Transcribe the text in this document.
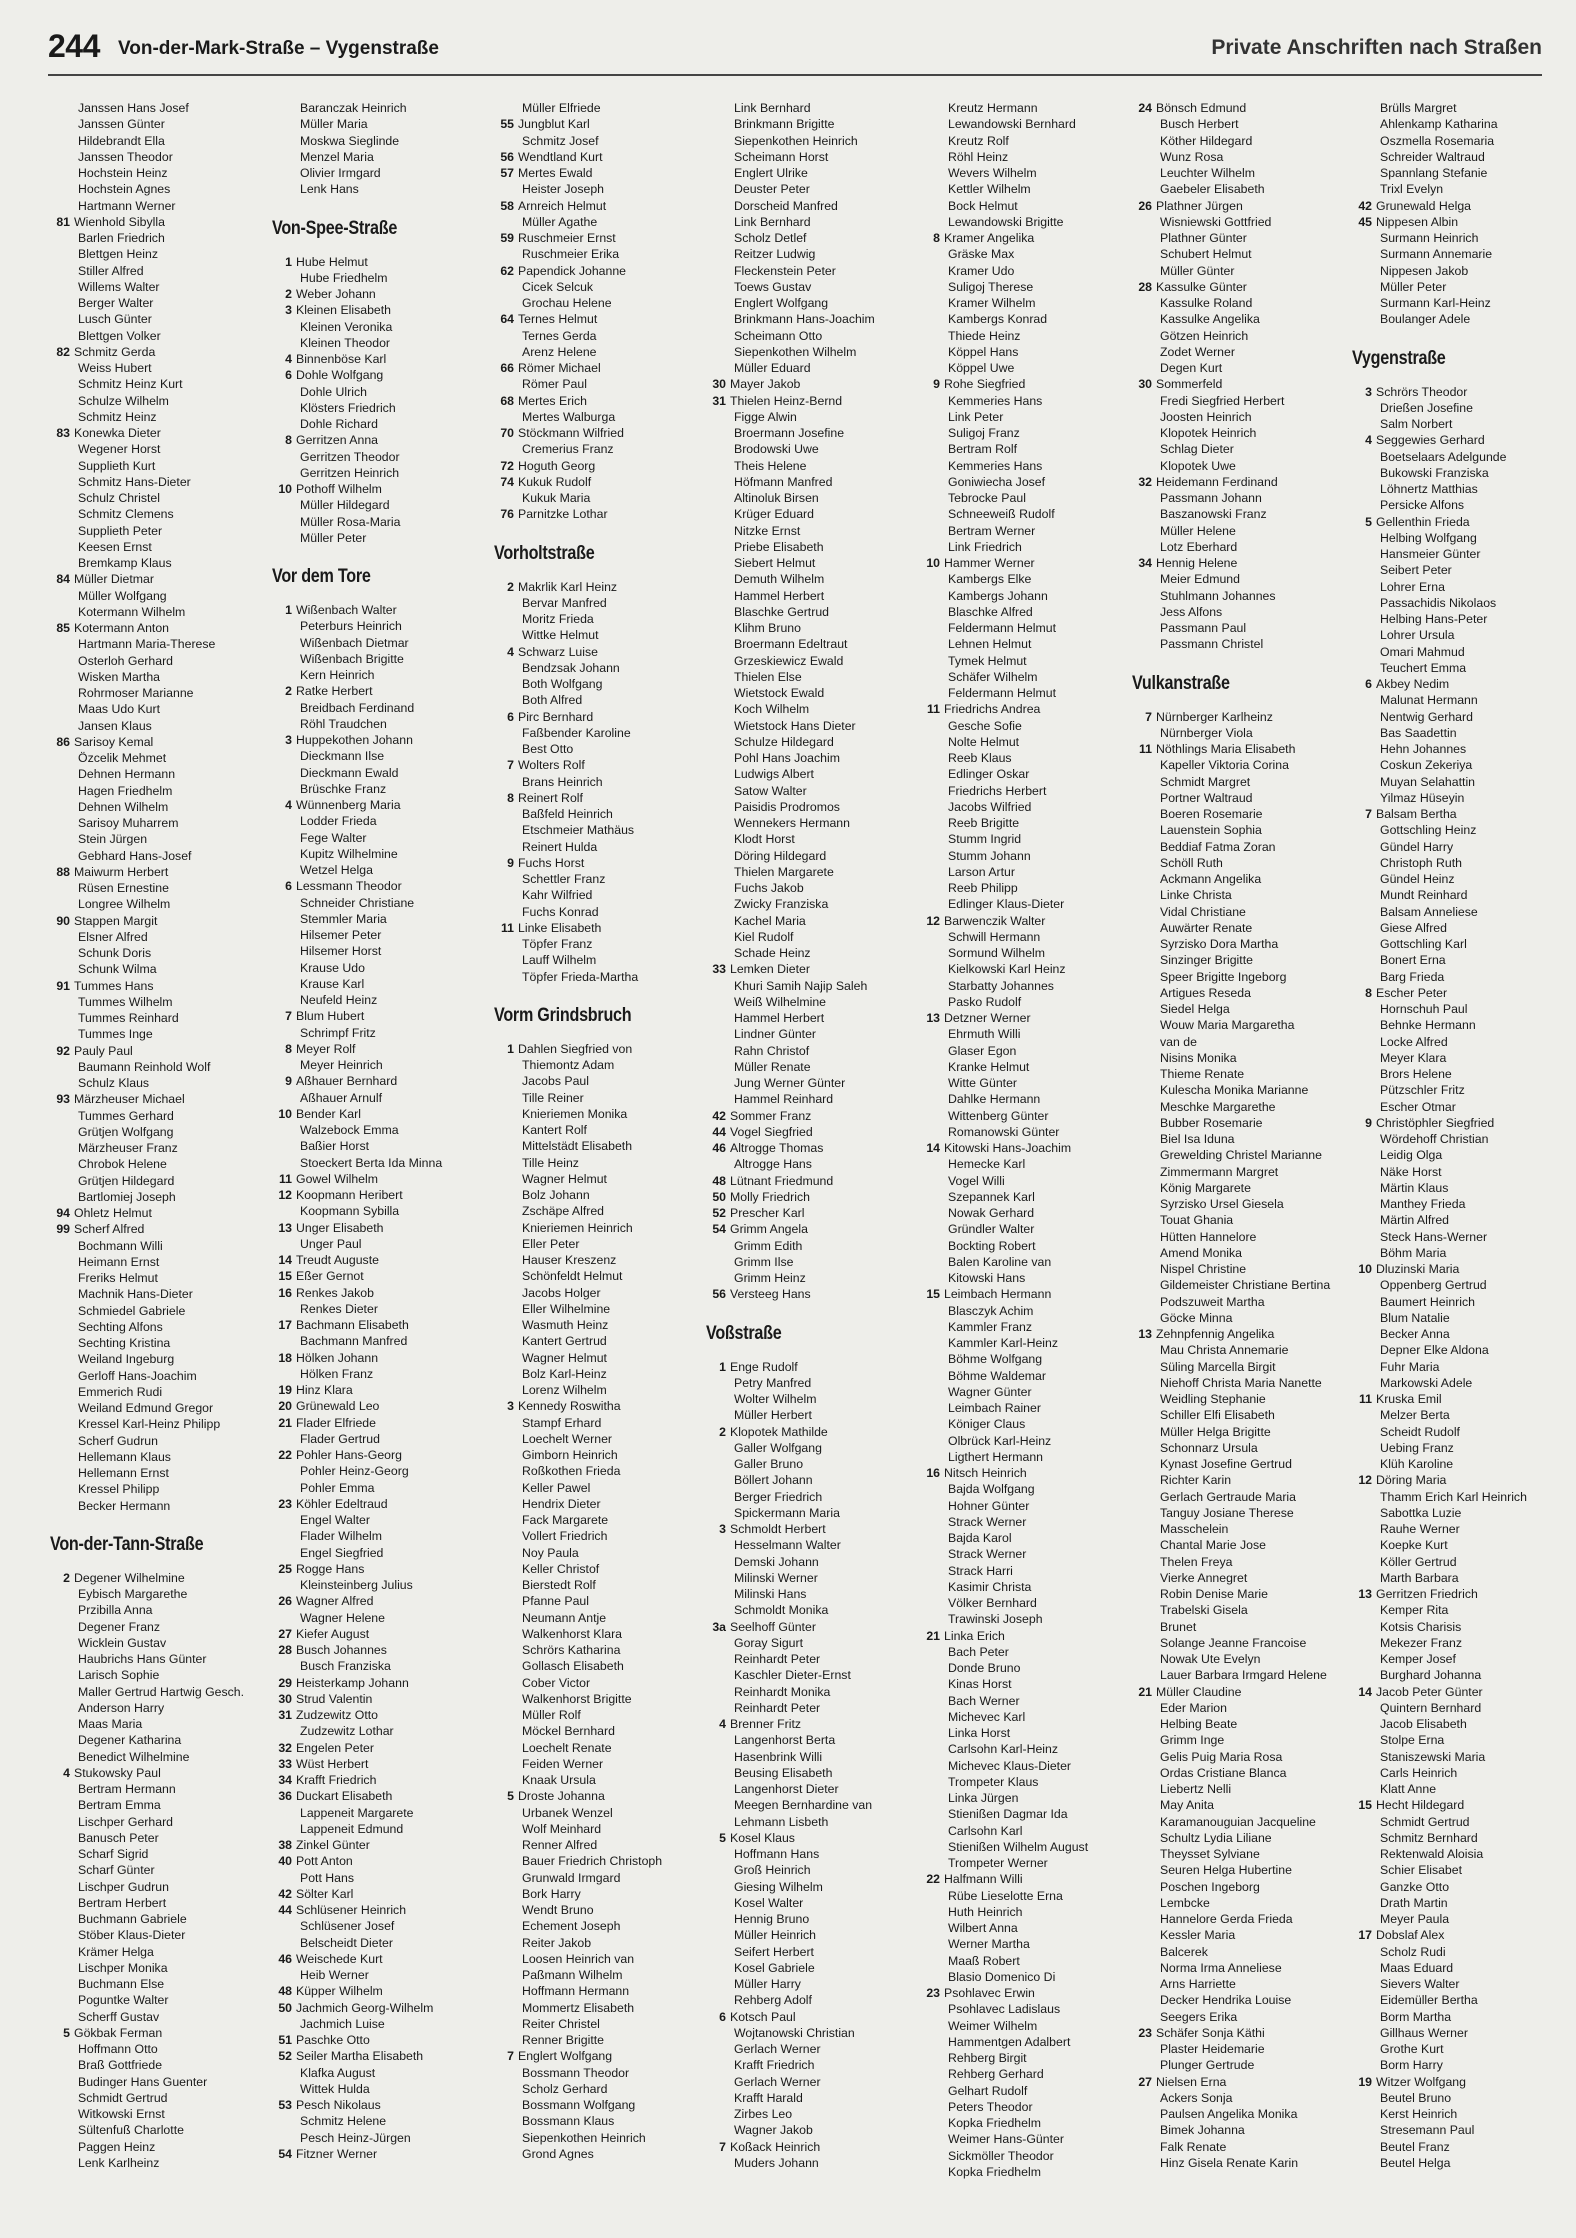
244 Von-der-Mark-Straße – Vygenstraße	Private Anschriften nach Straßen
Janssen Hans Josef
Janssen Günter
Hildebrandt Ella
Janssen Theodor
Hochstein Heinz
Hochstein Agnes
Hartmann Werner
81 Wienhold Sibylla
Barlen Friedrich
Blettgen Heinz
Stiller Alfred
Willems Walter
Berger Walter
Lusch Günter
Blettgen Volker
82 Schmitz Gerda
Weiss Hubert
Schmitz Heinz Kurt
Schulze Wilhelm
Schmitz Heinz
83 Konewka Dieter
Wegener Horst
Supplieth Kurt
Schmitz Hans-Dieter
Schulz Christel
Schmitz Clemens
Supplieth Peter
Keesen Ernst
Bremkamp Klaus
84 Müller Dietmar
Müller Wolfgang
Kotermann Wilhelm
85 Kotermann Anton
Hartmann Maria-Therese
Osterloh Gerhard
Wisken Martha
Rohrmoser Marianne
Maas Udo Kurt
Jansen Klaus
86 Sarisoy Kemal
Özcelik Mehmet
Dehnen Hermann
Hagen Friedhelm
Dehnen Wilhelm
Sarisoy Muharrem
Stein Jürgen
Gebhard Hans-Josef
88 Maiwurm Herbert
Rüsen Ernestine
Longree Wilhelm
90 Stappen Margit
Elsner Alfred
Schunk Doris
Schunk Wilma
91 Tummes Hans
Tummes Wilhelm
Tummes Reinhard
Tummes Inge
92 Pauly Paul
Baumann Reinhold Wolf
Schulz Klaus
93 Märzheuser Michael
Tummes Gerhard
Grütjen Wolfgang
Märzheuser Franz
Chrobok Helene
Grütjen Hildegard
Bartlomiej Joseph
94 Ohletz Helmut
99 Scherf Alfred
Bochmann Willi
Heimann Ernst
Freriks Helmut
Machnik Hans-Dieter
Schmiedel Gabriele
Sechting Alfons
Sechting Kristina
Weiland Ingeburg
Gerloff Hans-Joachim
Emmerich Rudi
Weiland Edmund Gregor
Kressel Karl-Heinz Philipp
Scherf Gudrun
Hellemann Klaus
Hellemann Ernst
Kressel Philipp
Becker Hermann
Von-der-Tann-Straße
2 Degener Wilhelmine
Eybisch Margarethe
Przibilla Anna
Degener Franz
Wicklein Gustav
Haubrichs Hans Günter
Larisch Sophie
Maller Gertrud Hartwig Gesch.
Anderson Harry
Maas Maria
Degener Katharina
Benedict Wilhelmine
4 Stukowsky Paul
Bertram Hermann
Bertram Emma
Lischper Gerhard
Banusch Peter
Scharf Sigrid
Scharf Günter
Lischper Gudrun
Bertram Herbert
Buchmann Gabriele
Stöber Klaus-Dieter
Krämer Helga
Lischper Monika
Buchmann Else
Poguntke Walter
Scherff Gustav
5 Gökbak Ferman
Hoffmann Otto
Braß Gottfriede
Budinger Hans Guenter
Schmidt Gertrud
Witkowski Ernst
Sültenfuß Charlotte
Paggen Heinz
Lenk Karlheinz
Baranczak Heinrich
Müller Maria
Moskwa Sieglinde
Menzel Maria
Olivier Irmgard
Lenk Hans
Von-Spee-Straße
1 Hube Helmut
Hube Friedhelm
2 Weber Johann
3 Kleinen Elisabeth
Kleinen Veronika
Kleinen Theodor
4 Binnenböse Karl
6 Dohle Wolfgang
Dohle Ulrich
Klösters Friedrich
Dohle Richard
8 Gerritzen Anna
Gerritzen Theodor
Gerritzen Heinrich
10 Pothoff Wilhelm
Müller Hildegard
Müller Rosa-Maria
Müller Peter
Vor dem Tore
1 Wißenbach Walter
Peterburs Heinrich
Wißenbach Dietmar
Wißenbach Brigitte
Kern Heinrich
2 Ratke Herbert
Breidbach Ferdinand
Röhl Traudchen
3 Huppekothen Johann
Dieckmann Ilse
Dieckmann Ewald
Brüschke Franz
4 Wünnenberg Maria
Lodder Frieda
Fege Walter
Kupitz Wilhelmine
Wetzel Helga
6 Lessmann Theodor
Schneider Christiane
Stemmler Maria
Hilsemer Peter
Hilsemer Horst
Krause Udo
Krause Karl
Neufeld Heinz
7 Blum Hubert
Schrimpf Fritz
8 Meyer Rolf
Meyer Heinrich
9 Aßhauer Bernhard
Aßhauer Arnulf
10 Bender Karl
Walzebock Emma
Baßier Horst
Stoeckert Berta Ida Minna
11 Gowel Wilhelm
12 Koopmann Heribert
Koopmann Sybilla
13 Unger Elisabeth
Unger Paul
14 Treudt Auguste
15 Eßer Gernot
16 Renkes Jakob
Renkes Dieter
17 Bachmann Elisabeth
Bachmann Manfred
18 Hölken Johann
Hölken Franz
19 Hinz Klara
20 Grünewald Leo
21 Flader Elfriede
Flader Gertrud
22 Pohler Hans-Georg
Pohler Heinz-Georg
Pohler Emma
23 Köhler Edeltraud
Engel Walter
Flader Wilhelm
Engel Siegfried
25 Rogge Hans
Kleinsteinberg Julius
26 Wagner Alfred
Wagner Helene
27 Kiefer August
28 Busch Johannes
Busch Franziska
29 Heisterkamp Johann
30 Strud Valentin
31 Zudzewitz Otto
Zudzewitz Lothar
32 Engelen Peter
33 Wüst Herbert
34 Krafft Friedrich
36 Duckart Elisabeth
Lappeneit Margarete
Lappeneit Edmund
38 Zinkel Günter
40 Pott Anton
Pott Hans
42 Sölter Karl
44 Schlüsener Heinrich
Schlüsener Josef
Belscheidt Dieter
46 Weischede Kurt
Heib Werner
48 Küpper Wilhelm
50 Jachmich Georg-Wilhelm
Jachmich Luise
51 Paschke Otto
52 Seiler Martha Elisabeth
Klafka August
Wittek Hulda
53 Pesch Nikolaus
Schmitz Helene
Pesch Heinz-Jürgen
54 Fitzner Werner
Müller Elfriede
55 Jungblut Karl
Schmitz Josef
56 Wendtland Kurt
57 Mertes Ewald
Heister Joseph
58 Arnreich Helmut
Müller Agathe
59 Ruschmeier Ernst
Ruschmeier Erika
62 Papendick Johanne
Cicek Selcuk
Grochau Helene
64 Ternes Helmut
Ternes Gerda
Arenz Helene
66 Römer Michael
Römer Paul
68 Mertes Erich
Mertes Walburga
70 Stöckmann Wilfried
Cremerius Franz
72 Hoguth Georg
74 Kukuk Rudolf
Kukuk Maria
76 Parnitzke Lothar
Vorholtstraße
2 Makrlik Karl Heinz
Bervar Manfred
Moritz Frieda
Wittke Helmut
4 Schwarz Luise
Bendzsak Johann
Both Wolfgang
Both Alfred
6 Pirc Bernhard
Faßbender Karoline
Best Otto
7 Wolters Rolf
Brans Heinrich
8 Reinert Rolf
Baßfeld Heinrich
Etschmeier Mathäus
Reinert Hulda
9 Fuchs Horst
Schettler Franz
Kahr Wilfried
Fuchs Konrad
11 Linke Elisabeth
Töpfer Franz
Lauff Wilhelm
Töpfer Frieda-Martha
Vorm Grindsbruch
1 Dahlen Siegfried von
Thiemontz Adam
Jacobs Paul
Tille Reiner
Knieriemen Monika
Kantert Rolf
Mittelstädt Elisabeth
Tille Heinz
Wagner Helmut
Bolz Johann
Zschäpe Alfred
Knieriemen Heinrich
Eller Peter
Hauser Kreszenz
Schönfeldt Helmut
Jacobs Holger
Eller Wilhelmine
Wasmuth Heinz
Kantert Gertrud
Wagner Helmut
Bolz Karl-Heinz
Lorenz Wilhelm
3 Kennedy Roswitha
Stampf Erhard
Loechelt Werner
Gimborn Heinrich
Roßkothen Frieda
Keller Pawel
Hendrix Dieter
Fack Margarete
Vollert Friedrich
Noy Paula
Keller Christof
Bierstedt Rolf
Pfanne Paul
Neumann Antje
Walkenhorst Klara
Schrörs Katharina
Gollasch Elisabeth
Cober Victor
Walkenhorst Brigitte
Müller Rolf
Möckel Bernhard
Loechelt Renate
Feiden Werner
Knaak Ursula
5 Droste Johanna
Urbanek Wenzel
Wolf Meinhard
Renner Alfred
Bauer Friedrich Christoph
Grunwald Irmgard
Bork Harry
Wendt Bruno
Echement Joseph
Reiter Jakob
Loosen Heinrich van
Paßmann Wilhelm
Hoffmann Hermann
Mommertz Elisabeth
Reiter Christel
Renner Brigitte
7 Englert Wolfgang
Bossmann Theodor
Scholz Gerhard
Bossmann Wolfgang
Bossmann Klaus
Siepenkothen Heinrich
Grond Agnes
Link Bernhard
Brinkmann Brigitte
Siepenkothen Heinrich
Scheimann Horst
Englert Ulrike
Deuster Peter
Dorscheid Manfred
Link Bernhard
Scholz Detlef
Reitzer Ludwig
Fleckenstein Peter
Toews Gustav
Englert Wolfgang
Brinkmann Hans-Joachim
Scheimann Otto
Siepenkothen Wilhelm
Müller Eduard
30 Mayer Jakob
31 Thielen Heinz-Bernd
Figge Alwin
Broermann Josefine
Brodowski Uwe
Theis Helene
Höfmann Manfred
Altinoluk Birsen
Krüger Eduard
Nitzke Ernst
Priebe Elisabeth
Siebert Helmut
Demuth Wilhelm
Hammel Herbert
Blaschke Gertrud
Klihm Bruno
Broermann Edeltraut
Grzeskiewicz Ewald
Thielen Else
Wietstock Ewald
Koch Wilhelm
Wietstock Hans Dieter
Schulze Hildegard
Pohl Hans Joachim
Ludwigs Albert
Satow Walter
Paisidis Prodromos
Wennekers Hermann
Klodt Horst
Döring Hildegard
Thielen Margarete
Fuchs Jakob
Zwicky Franziska
Kachel Maria
Kiel Rudolf
Schade Heinz
33 Lemken Dieter
Khuri Samih Najip Saleh
Weiß Wilhelmine
Hammel Herbert
Lindner Günter
Rahn Christof
Müller Renate
Jung Werner Günter
Hammel Reinhard
42 Sommer Franz
44 Vogel Siegfried
46 Altrogge Thomas
Altrogge Hans
48 Lütnant Friedmund
50 Molly Friedrich
52 Prescher Karl
54 Grimm Angela
Grimm Edith
Grimm Ilse
Grimm Heinz
56 Versteeg Hans
Voßstraße
1 Enge Rudolf
Petry Manfred
Wolter Wilhelm
Müller Herbert
2 Klopotek Mathilde
Galler Wolfgang
Galler Bruno
Böllert Johann
Berger Friedrich
Spickermann Maria
3 Schmoldt Herbert
Hesselmann Walter
Demski Johann
Milinski Werner
Milinski Hans
Schmoldt Monika
3a Seelhoff Günter
Goray Sigurt
Reinhardt Peter
Kaschler Dieter-Ernst
Reinhardt Monika
Reinhardt Peter
4 Brenner Fritz
Langenhorst Berta
Hasenbrink Willi
Beusing Elisabeth
Langenhorst Dieter
Meegen Bernhardine van
Lehmann Lisbeth
5 Kosel Klaus
Hoffmann Hans
Groß Heinrich
Giesing Wilhelm
Kosel Walter
Hennig Bruno
Müller Heinrich
Seifert Herbert
Kosel Gabriele
Müller Harry
Rehberg Adolf
6 Kotsch Paul
Wojtanowski Christian
Gerlach Werner
Krafft Friedrich
Gerlach Werner
Krafft Harald
Zirbes Leo
Wagner Jakob
7 Koßack Heinrich
Muders Johann
Kreutz Hermann
Lewandowski Bernhard
Kreutz Rolf
Röhl Heinz
Wevers Wilhelm
Kettler Wilhelm
Bock Helmut
Lewandowski Brigitte
8 Kramer Angelika
Gräske Max
Kramer Udo
Suligoj Therese
Kramer Wilhelm
Kambergs Konrad
Thiede Heinz
Köppel Hans
Köppel Uwe
9 Rohe Siegfried
Kemmeries Hans
Link Peter
Suligoj Franz
Bertram Rolf
Kemmeries Hans
Goniwiecha Josef
Tebrocke Paul
Schneeweiß Rudolf
Bertram Werner
Link Friedrich
10 Hammer Werner
Kambergs Elke
Kambergs Johann
Blaschke Alfred
Feldermann Helmut
Lehnen Helmut
Tymek Helmut
Schäfer Wilhelm
Feldermann Helmut
11 Friedrichs Andrea
Gesche Sofie
Nolte Helmut
Reeb Klaus
Edlinger Oskar
Friedrichs Herbert
Jacobs Wilfried
Reeb Brigitte
Stumm Ingrid
Stumm Johann
Larson Artur
Reeb Philipp
Edlinger Klaus-Dieter
12 Barwenczik Walter
Schwill Hermann
Sormund Wilhelm
Kielkowski Karl Heinz
Starbatty Johannes
Pasko Rudolf
13 Detzner Werner
Ehrmuth Willi
Glaser Egon
Kranke Helmut
Witte Günter
Dahlke Hermann
Wittenberg Günter
Romanowski Günter
14 Kitowski Hans-Joachim
Hemecke Karl
Vogel Willi
Szepannek Karl
Nowak Gerhard
Gründler Walter
Bockting Robert
Balen Karoline van
Kitowski Hans
15 Leimbach Hermann
Blasczyk Achim
Kammler Franz
Kammler Karl-Heinz
Böhme Wolfgang
Böhme Waldemar
Wagner Günter
Leimbach Rainer
Königer Claus
Olbrück Karl-Heinz
Ligthert Hermann
16 Nitsch Heinrich
Bajda Wolfgang
Hohner Günter
Strack Werner
Bajda Karol
Strack Werner
Strack Harri
Kasimir Christa
Völker Bernhard
Trawinski Joseph
21 Linka Erich
Bach Peter
Donde Bruno
Kinas Horst
Bach Werner
Michevec Karl
Linka Horst
Carlsohn Karl-Heinz
Michevec Klaus-Dieter
Trompeter Klaus
Linka Jürgen
Stienißen Dagmar Ida
Carlsohn Karl
Stienißen Wilhelm August
Trompeter Werner
22 Halfmann Willi
Rübe Lieselotte Erna
Huth Heinrich
Wilbert Anna
Werner Martha
Maaß Robert
Blasio Domenico Di
23 Psohlavec Erwin
Psohlavec Ladislaus
Weimer Wilhelm
Hammentgen Adalbert
Rehberg Birgit
Rehberg Gerhard
Gelhart Rudolf
Peters Theodor
Kopka Friedhelm
Weimer Hans-Günter
Sickmöller Theodor
Kopka Friedhelm
24 Bönsch Edmund
Busch Herbert
Köther Hildegard
Wunz Rosa
Leuchter Wilhelm
Gaebeler Elisabeth
26 Plathner Jürgen
Wisniewski Gottfried
Plathner Günter
Schubert Helmut
Müller Günter
28 Kassulke Günter
Kassulke Roland
Kassulke Angelika
Götzen Heinrich
Zodet Werner
Degen Kurt
30 Sommerfeld
Fredi Siegfried Herbert
Joosten Heinrich
Klopotek Heinrich
Schlag Dieter
Klopotek Uwe
32 Heidemann Ferdinand
Passmann Johann
Baszanowski Franz
Müller Helene
Lotz Eberhard
34 Hennig Helene
Meier Edmund
Stuhlmann Johannes
Jess Alfons
Passmann Paul
Passmann Christel
Vulkanstraße
7 Nürnberger Karlheinz
Nürnberger Viola
11 Nöthlings Maria Elisabeth
Kapeller Viktoria Corina
Schmidt Margret
Portner Waltraud
Boeren Rosemarie
Lauenstein Sophia
Beddiaf Fatma Zoran
Schöll Ruth
Ackmann Angelika
Linke Christa
Vidal Christiane
Auwärter Renate
Syrzisko Dora Martha
Sinzinger Brigitte
Speer Brigitte Ingeborg
Artigues Reseda
Siedel Helga
Wouw Maria Margaretha
van de
Nisins Monika
Thieme Renate
Kulescha Monika Marianne
Meschke Margarethe
Bubber Rosemarie
Biel Isa Iduna
Grewelding Christel Marianne
Zimmermann Margret
König Margarete
Syrzisko Ursel Giesela
Touat Ghania
Hütten Hannelore
Amend Monika
Nispel Christine
Gildemeister Christiane Bertina
Podszuweit Martha
Göcke Minna
13 Zehnpfennig Angelika
Mau Christa Annemarie
Süling Marcella Birgit
Niehoff Christa Maria Nanette
Weidling Stephanie
Schiller Elfi Elisabeth
Müller Helga Brigitte
Schonnarz Ursula
Kynast Josefine Gertrud
Richter Karin
Gerlach Gertraude Maria
Tanguy Josiane Therese
Masschelein
Chantal Marie Jose
Thelen Freya
Vierke Annegret
Robin Denise Marie
Trabelski Gisela
Brunet
Solange Jeanne Francoise
Nowak Ute Evelyn
Lauer Barbara Irmgard Helene
21 Müller Claudine
Eder Marion
Helbing Beate
Grimm Inge
Gelis Puig Maria Rosa
Ordas Cristiane Blanca
Liebertz Nelli
May Anita
Karamanouguian Jacqueline
Schultz Lydia Liliane
Theysset Sylviane
Seuren Helga Hubertine
Poschen Ingeborg
Lembcke
Hannelore Gerda Frieda
Kessler Maria
Balcerek
Norma Irma Anneliese
Arns Harriette
Decker Hendrika Louise
Seegers Erika
23 Schäfer Sonja Käthi
Plaster Heidemarie
Plunger Gertrude
27 Nielsen Erna
Ackers Sonja
Paulsen Angelika Monika
Bimek Johanna
Falk Renate
Hinz Gisela Renate Karin
Brülls Margret
Ahlenkamp Katharina
Oszmella Rosemaria
Schreider Waltraud
Spannlang Stefanie
Trixl Evelyn
42 Grunewald Helga
45 Nippesen Albin
Surmann Heinrich
Surmann Annemarie
Nippesen Jakob
Müller Peter
Surmann Karl-Heinz
Boulanger Adele
Vygenstraße
3 Schrörs Theodor
Drießen Josefine
Salm Norbert
4 Seggewies Gerhard
Boetselaars Adelgunde
Bukowski Franziska
Löhnertz Matthias
Persicke Alfons
5 Gellenthin Frieda
Helbing Wolfgang
Hansmeier Günter
Seibert Peter
Lohrer Erna
Passachidis Nikolaos
Helbing Hans-Peter
Lohrer Ursula
Omari Mahmud
Teuchert Emma
6 Akbey Nedim
Malunat Hermann
Nentwig Gerhard
Bas Saadettin
Hehn Johannes
Coskun Zekeriya
Muyan Selahattin
Yilmaz Hüseyin
7 Balsam Bertha
Gottschling Heinz
Gündel Harry
Christoph Ruth
Gündel Heinz
Mundt Reinhard
Balsam Anneliese
Giese Alfred
Gottschling Karl
Bonert Erna
Barg Frieda
8 Escher Peter
Hornschuh Paul
Behnke Hermann
Locke Alfred
Meyer Klara
Brors Helene
Pützschler Fritz
Escher Otmar
9 Christöphler Siegfried
Wördehoff Christian
Leidig Olga
Näke Horst
Märtin Klaus
Manthey Frieda
Märtin Alfred
Steck Hans-Werner
Böhm Maria
10 Dluzinski Maria
Oppenberg Gertrud
Baumert Heinrich
Blum Natalie
Becker Anna
Depner Elke Aldona
Fuhr Maria
Markowski Adele
11 Kruska Emil
Melzer Berta
Scheidt Rudolf
Uebing Franz
Klüh Karoline
12 Döring Maria
Thamm Erich Karl Heinrich
Sabottka Luzie
Rauhe Werner
Koepke Kurt
Köller Gertrud
Marth Barbara
13 Gerritzen Friedrich
Kemper Rita
Kotsis Charisis
Mekezer Franz
Kemper Josef
Burghard Johanna
14 Jacob Peter Günter
Quintern Bernhard
Jacob Elisabeth
Stolpe Erna
Staniszewski Maria
Carls Heinrich
Klatt Anne
15 Hecht Hildegard
Schmidt Gertrud
Schmitz Bernhard
Rektenwald Aloisia
Schier Elisabet
Ganzke Otto
Drath Martin
Meyer Paula
17 Dobslaf Alex
Scholz Rudi
Maas Eduard
Sievers Walter
Eidemüller Bertha
Borm Martha
Gillhaus Werner
Grothe Kurt
Borm Harry
19 Witzer Wolfgang
Beutel Bruno
Kerst Heinrich
Stresemann Paul
Beutel Franz
Beutel Helga
